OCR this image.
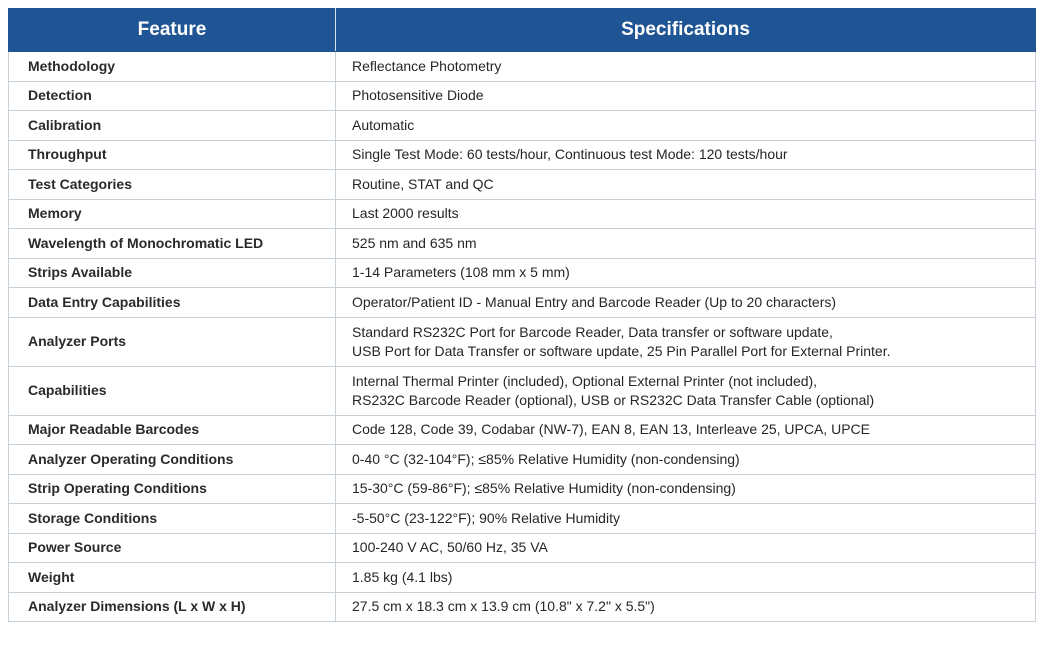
Feature	Specifications
Methodology	Reflectance Photometry

Detection	Photosensitive Diode

Calibration	Automatic

Throughput	Single Test Mode: 60 tests/hour, Continuous test Mode: 120 tests/hour

Test Categories	Routine, STAT and QC

Memory	Last 2000 results

Wavelength of Monochromatic LED	525 nm and 635 nm

Strips Available	1-14 Parameters (108 mm x 5 mm)

Data Entry Capabilities	Operator/Patient ID - Manual Entry and Barcode Reader (Up to 20 characters)

Analyzer Ports	Standard RS232C Port for Barcode Reader, Data transfer or software update,
USB Port for Data Transfer or software update, 25 Pin Parallel Port for External Printer.

Capabilities	Internal Thermal Printer (included), Optional External Printer (not included),
RS232C Barcode Reader (optional), USB or RS232C Data Transfer Cable (optional)

Major Readable Barcodes	Code 128, Code 39, Codabar (NW-7), EAN 8, EAN 13, Interleave 25, UPCA, UPCE

Analyzer Operating Conditions	0-40 °C (32-104°F); ≤85% Relative Humidity (non-condensing)

Strip Operating Conditions	15-30°C (59-86°F); ≤85% Relative Humidity (non-condensing)

Storage Conditions	-5-50°C (23-122°F); 90% Relative Humidity

Power Source	100-240 V AC, 50/60 Hz, 35 VA

Weight	1.85 kg (4.1 lbs)

Analyzer Dimensions (L x W x H)	27.5 cm x 18.3 cm x 13.9 cm (10.8" x 7.2" x 5.5")
